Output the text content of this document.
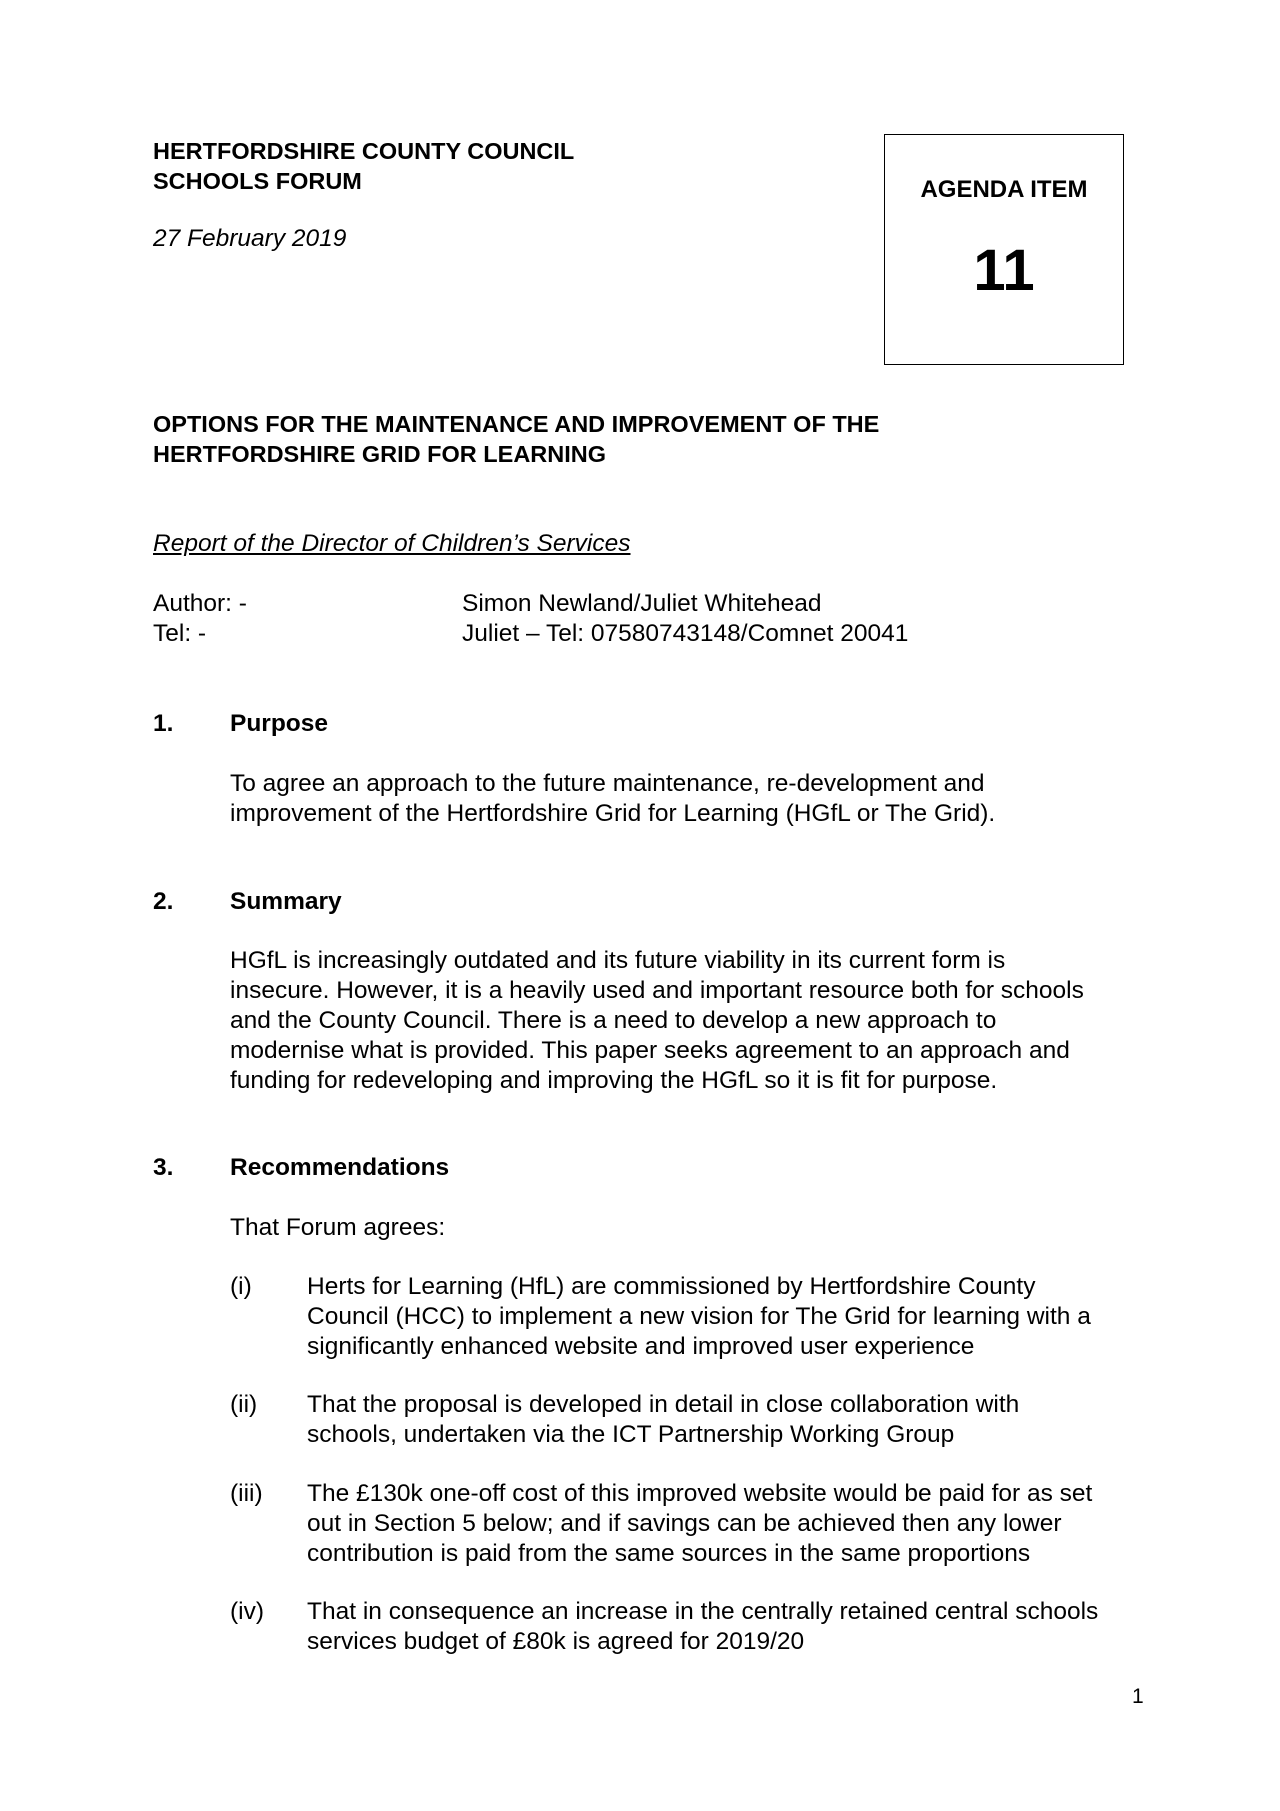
HERTFORDSHIRE COUNTY COUNCIL
SCHOOLS FORUM
27 February 2019
AGENDA ITEM
11
OPTIONS FOR THE MAINTENANCE AND IMPROVEMENT OF THE
HERTFORDSHIRE GRID FOR LEARNING
Report of the Director of Children’s Services
Author: -	Simon Newland/Juliet Whitehead
Tel: -	Juliet – Tel: 07580743148/Comnet 20041
1. Purpose
To agree an approach to the future maintenance, re-development and
improvement of the Hertfordshire Grid for Learning (HGfL or The Grid).
2. Summary
HGfL is increasingly outdated and its future viability in its current form is
insecure. However, it is a heavily used and important resource both for schools
and the County Council. There is a need to develop a new approach to
modernise what is provided. This paper seeks agreement to an approach and
funding for redeveloping and improving the HGfL so it is fit for purpose.
3. Recommendations
That Forum agrees:
(i) Herts for Learning (HfL) are commissioned by Hertfordshire County
Council (HCC) to implement a new vision for The Grid for learning with a
significantly enhanced website and improved user experience
(ii) That the proposal is developed in detail in close collaboration with
schools, undertaken via the ICT Partnership Working Group
(iii) The £130k one-off cost of this improved website would be paid for as set
out in Section 5 below; and if savings can be achieved then any lower
contribution is paid from the same sources in the same proportions
(iv) That in consequence an increase in the centrally retained central schools
services budget of £80k is agreed for 2019/20
1
